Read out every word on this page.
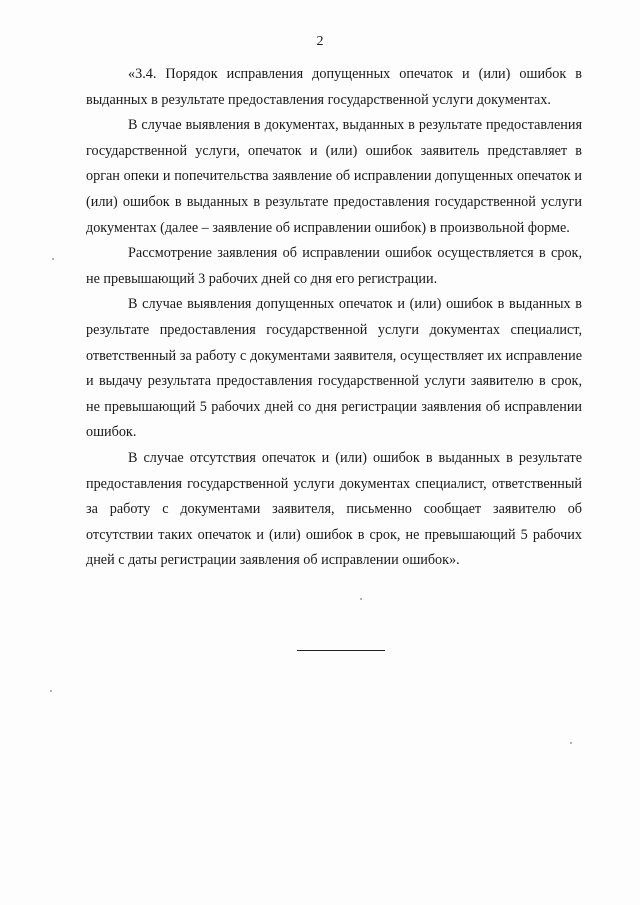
2

«3.4. Порядок исправления допущенных опечаток и (или) ошибок в выданных в результате предоставления государственной услуги документах.

В случае выявления в документах, выданных в результате предоставления государственной услуги, опечаток и (или) ошибок заявитель представляет в орган опеки и попечительства заявление об исправлении допущенных опечаток и (или) ошибок в выданных в результате предоставления государственной услуги документах (далее – заявление об исправлении ошибок) в произвольной форме.

Рассмотрение заявления об исправлении ошибок осуществляется в срок, не превышающий 3 рабочих дней со дня его регистрации.

В случае выявления допущенных опечаток и (или) ошибок в выданных в результате предоставления государственной услуги документах специалист, ответственный за работу с документами заявителя, осуществляет их исправление и выдачу результата предоставления государственной услуги заявителю в срок, не превышающий 5 рабочих дней со дня регистрации заявления об исправлении ошибок.

В случае отсутствия опечаток и (или) ошибок в выданных в результате предоставления государственной услуги документах специалист, ответственный за работу с документами заявителя, письменно сообщает заявителю об отсутствии таких опечаток и (или) ошибок в срок, не превышающий 5 рабочих дней с даты регистрации заявления об исправлении ошибок».
